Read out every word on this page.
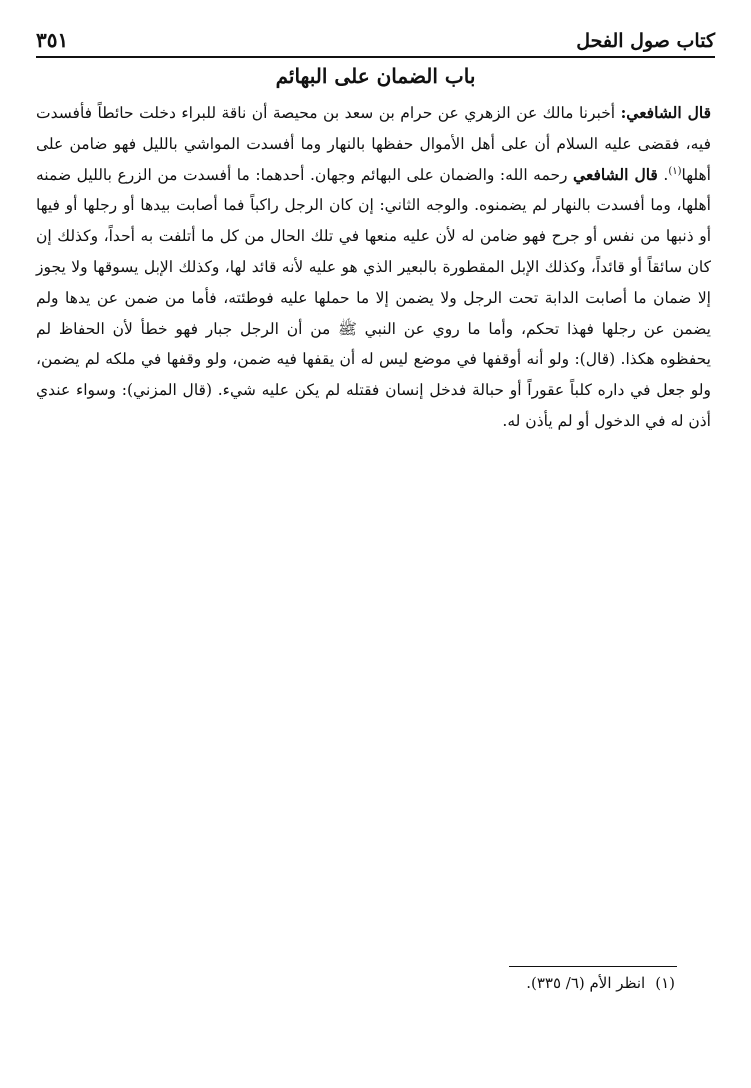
كتاب صول الفحل
٣٥١
باب الضمان على البهائم

قال الشافعي: أخبرنا مالك عن الزهري عن حرام بن سعد بن محيصة أن ناقة للبراء دخلت حائطاً فأفسدت فيه، فقضى عليه السلام أن على أهل الأموال حفظها بالنهار وما أفسدت المواشي بالليل فهو ضامن على أهلها$^{(١)}$. قال الشافعي رحمه الله: والضمان على البهائم وجهان. أحدهما: ما أفسدت من الزرع بالليل ضمنه أهلها، وما أفسدت بالنهار لم يضمنوه. والوجه الثاني: إن كان الرجل راكباً فما أصابت بيدها أو رجلها أو فيها أو ذنبها من نفس أو جرح فهو ضامن له لأن عليه منعها في تلك الحال من كل ما أتلفت به أحداً، وكذلك إن كان سائقاً أو قائداً، وكذلك الإبل المقطورة بالبعير الذي هو عليه لأنه قائد لها، وكذلك الإبل يسوقها ولا يجوز إلا ضمان ما أصابت الدابة تحت الرجل ولا يضمن إلا ما حملها عليه فوطئته، فأما من ضمن عن يدها ولم يضمن عن رجلها فهذا تحكم، وأما ما روي عن النبي ﷺ من أن الرجل جبار فهو خطأ لأن الحفاظ لم يحفظوه هكذا. (قال): ولو أنه أوقفها في موضع ليس له أن يقفها فيه ضمن، ولو وقفها في ملكه لم يضمن، ولو جعل في داره كلباً عقوراً أو حبالة فدخل إنسان فقتله لم يكن عليه شيء. (قال المزني): وسواء عندي أذن له في الدخول أو لم يأذن له.

(١)انظر الأم (٦/ ٣٣٥).
